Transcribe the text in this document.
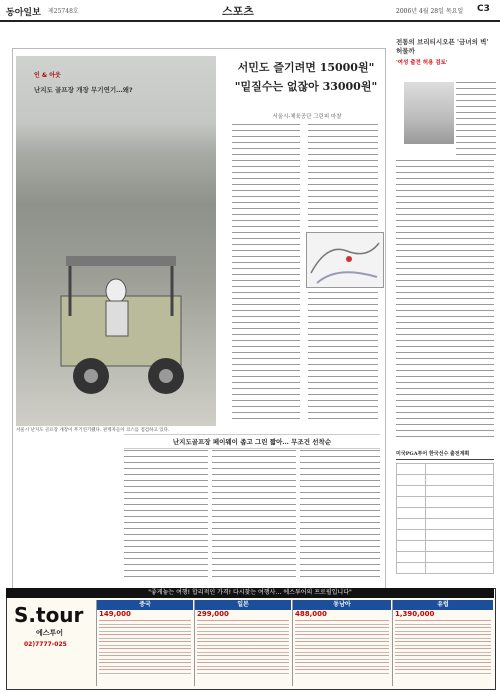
동아일보 제25748호	스포츠	2006년 4월 28일 목요일 C3
인 & 아웃
난지도 골프장 개장 무기연기…왜?
서민도 즐기려면 15000원"
"밑질수는 없잖아 33000원"
서울시-체육공단 그린피 마찰
서울시 난지도 골프장 개장이 무기연기됐다. 관계자들이 코스를 점검하고 있다.
난지도골프장 페이웨이 좁고 그린 짧아… 무조건 선착순
전통의 브리티시오픈 '금녀의 벽' 허물까
'여성 출전 허용 검토'
미국PGA투어 한국선수 출전계획

"좋게놓는 여행! 합리적인 가격! 다시찾는 여행사… 에스투어의 프로필입니다"
S.tour
에스투어
02)7777-025
중국
149,000
일본
299,000
동남아
488,000
유럽
1,390,000
